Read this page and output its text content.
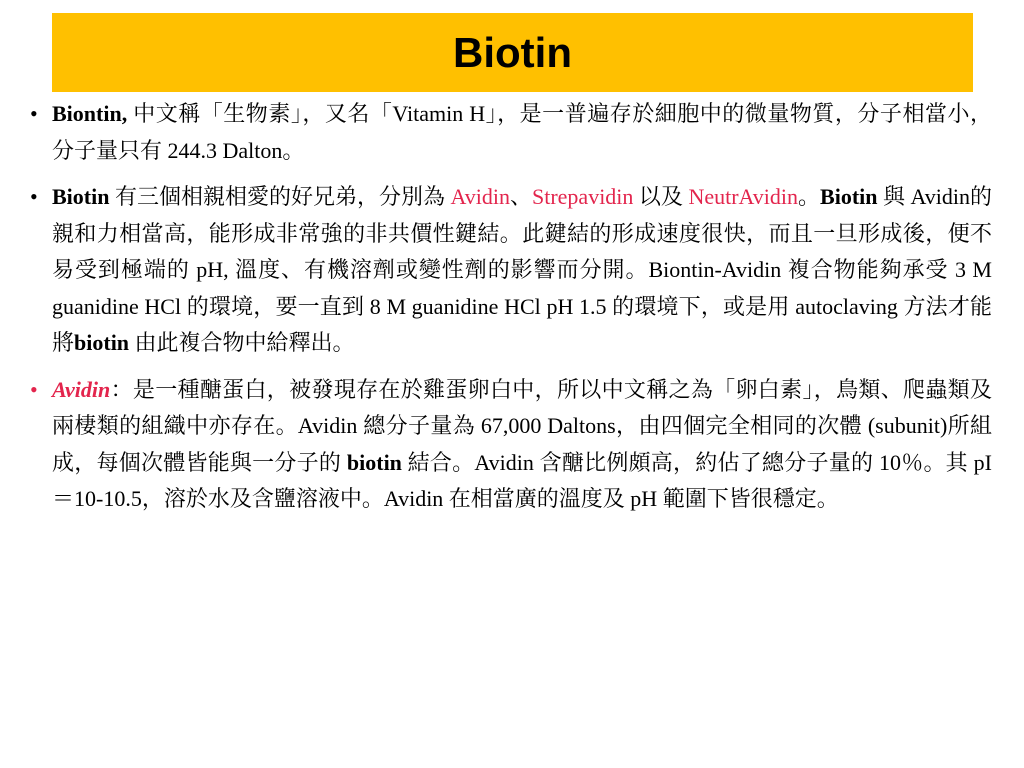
Biotin

• Biontin, 中文稱「生物素」，又名「Vitamin H」，是一普遍存於細胞中的微量物質，分子相當小，分子量只有 244.3 Dalton。

• Biotin 有三個相親相愛的好兄弟，分別為 Avidin、Strepavidin 以及 NeutrAvidin。Biotin 與 Avidin的親和力相當高，能形成非常強的非共價性鍵結。此鍵結的形成速度很快，而且一旦形成後，便不易受到極端的 pH, 溫度、有機溶劑或變性劑的影響而分開。Biontin-Avidin 複合物能夠承受 3 M guanidine HCl 的環境，要一直到 8 M guanidine HCl pH 1.5 的環境下，或是用 autoclaving 方法才能將biotin 由此複合物中給釋出。

• Avidin：是一種醣蛋白，被發現存在於雞蛋卵白中，所以中文稱之為「卵白素」，鳥類、爬蟲類及兩棲類的組織中亦存在。Avidin 總分子量為 67,000 Daltons，由四個完全相同的次體 (subunit)所組成，每個次體皆能與一分子的 biotin 結合。Avidin 含醣比例頗高，約佔了總分子量的 10％。其 pI＝10-10.5，溶於水及含鹽溶液中。Avidin 在相當廣的溫度及 pH 範圍下皆很穩定。
